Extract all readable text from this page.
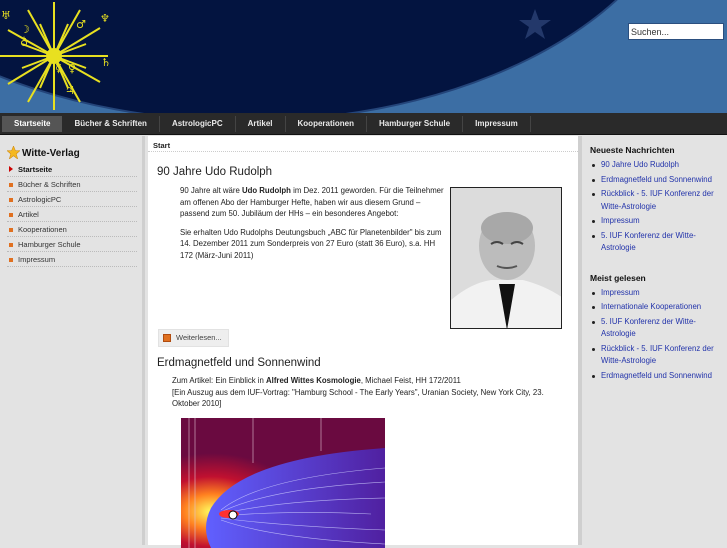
♅
☽
♁
♂ ♆
♄
☿ ♀
♃
Suchen...
Startseite	Bücher & Schriften	AstrologicPC	Artikel	Kooperationen	Hamburger Schule	Impressum
Witte-Verlag
Startseite
Bücher & Schriften
AstrologicPC
Artikel
Kooperationen
Hamburger Schule
Impressum
Start
90 Jahre Udo Rudolph
90 Jahre alt wäre Udo Rudolph im Dez. 2011 geworden. Für die Teilnehmer am offenen Abo der Hamburger Hefte, haben wir aus diesem Grund – passend zum 50. Jubiläum der HHs – ein besonderes Angebot:
Sie erhalten Udo Rudolphs Deutungsbuch „ABC für Planetenbilder" bis zum 14. Dezember 2011 zum Sonderpreis von 27 Euro (statt 36 Euro), s.a. HH 172 (März-Juni 2011)
Weiterlesen...
Erdmagnetfeld und Sonnenwind
Zum Artikel: Ein Einblick in Alfred Wittes Kosmologie, Michael Feist, HH 172/2011
[Ein Auszug aus dem IUF-Vortrag: "Hamburg School - The Early Years", Uranian Society, New York City, 23. Oktober 2010]
Neueste Nachrichten
90 Jahre Udo Rudolph
Erdmagnetfeld und Sonnenwind
Rückblick - 5. IUF Konferenz der Witte-Astrologie
Impressum
5. IUF Konferenz der Witte-Astrologie
Meist gelesen
Impressum
Internationale Kooperationen
5. IUF Konferenz der Witte-Astrologie
Rückblick - 5. IUF Konferenz der Witte-Astrologie
Erdmagnetfeld und Sonnenwind
